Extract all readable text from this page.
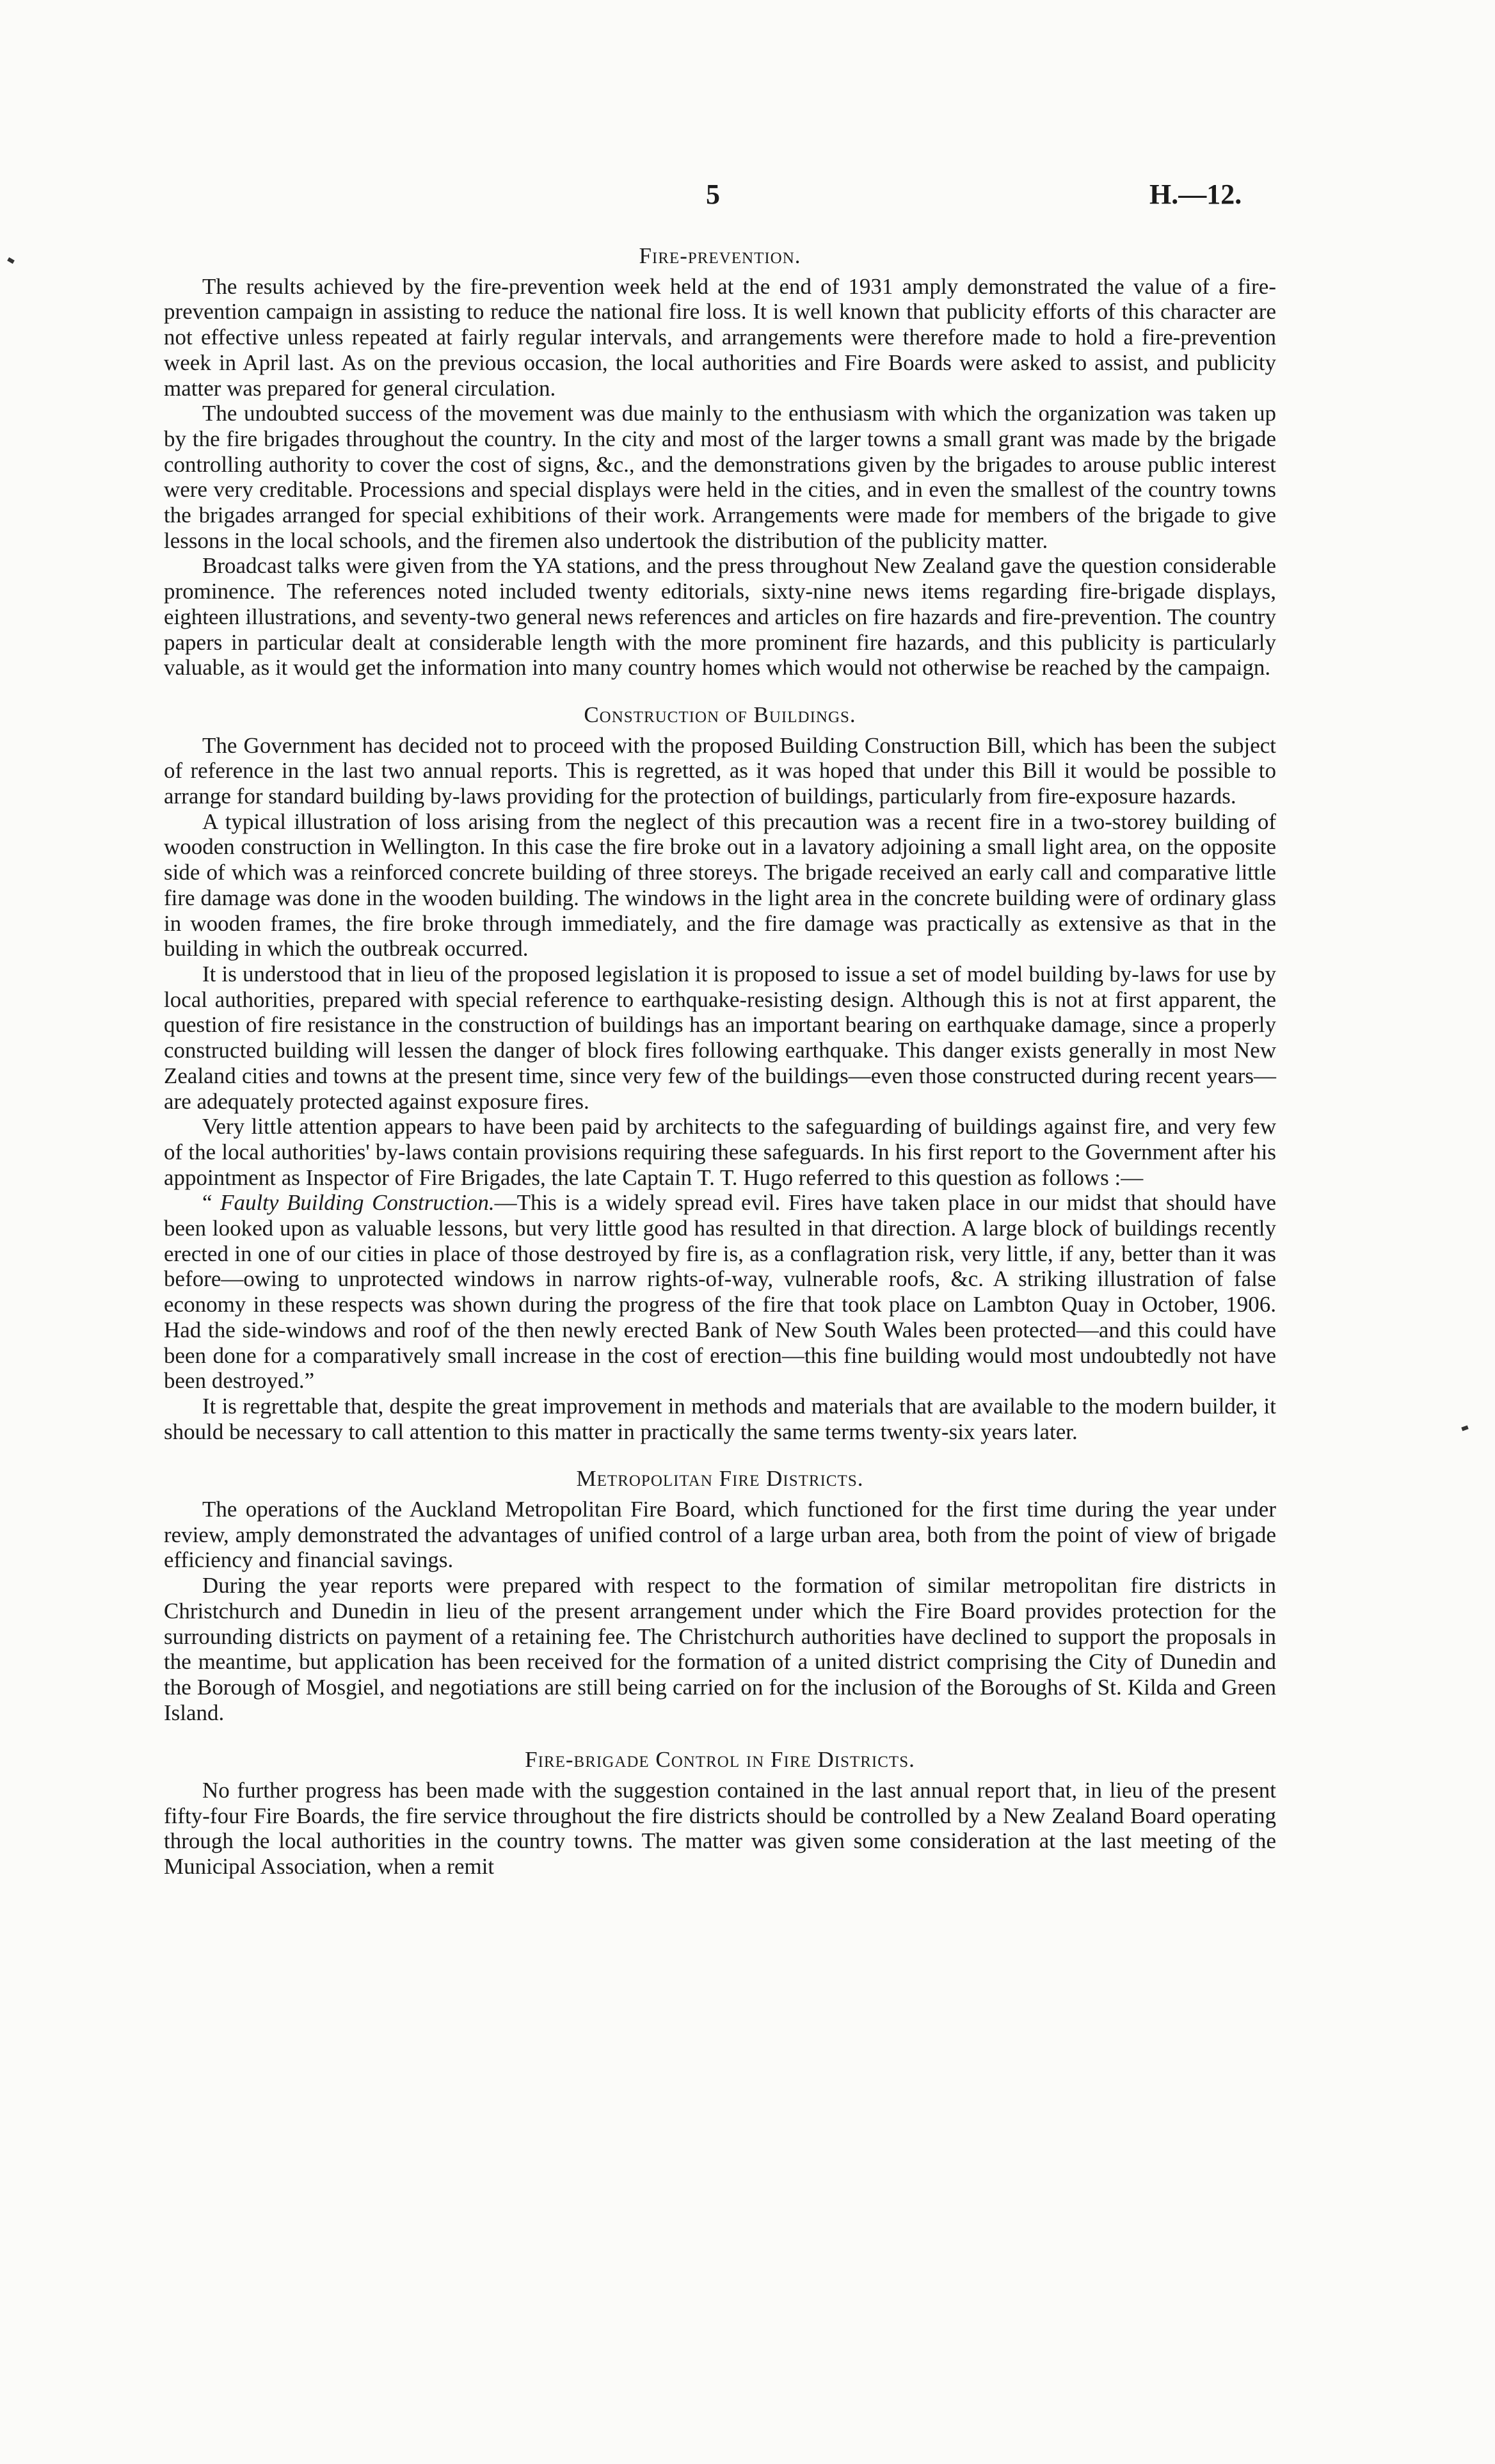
5	H.—12.
Fire-prevention.

The results achieved by the fire-prevention week held at the end of 1931 amply demonstrated the value of a fire-prevention campaign in assisting to reduce the national fire loss. It is well known that publicity efforts of this character are not effective unless repeated at fairly regular intervals, and arrangements were therefore made to hold a fire-prevention week in April last. As on the previous occasion, the local authorities and Fire Boards were asked to assist, and publicity matter was prepared for general circulation.

The undoubted success of the movement was due mainly to the enthusiasm with which the organization was taken up by the fire brigades throughout the country. In the city and most of the larger towns a small grant was made by the brigade controlling authority to cover the cost of signs, &c., and the demonstrations given by the brigades to arouse public interest were very creditable. Processions and special displays were held in the cities, and in even the smallest of the country towns the brigades arranged for special exhibitions of their work. Arrangements were made for members of the brigade to give lessons in the local schools, and the firemen also undertook the distribution of the publicity matter.

Broadcast talks were given from the YA stations, and the press throughout New Zealand gave the question considerable prominence. The references noted included twenty editorials, sixty-nine news items regarding fire-brigade displays, eighteen illustrations, and seventy-two general news references and articles on fire hazards and fire-prevention. The country papers in particular dealt at considerable length with the more prominent fire hazards, and this publicity is particularly valuable, as it would get the information into many country homes which would not otherwise be reached by the campaign.

Construction of Buildings.

The Government has decided not to proceed with the proposed Building Construction Bill, which has been the subject of reference in the last two annual reports. This is regretted, as it was hoped that under this Bill it would be possible to arrange for standard building by-laws providing for the protection of buildings, particularly from fire-exposure hazards.

A typical illustration of loss arising from the neglect of this precaution was a recent fire in a two-storey building of wooden construction in Wellington. In this case the fire broke out in a lavatory adjoining a small light area, on the opposite side of which was a reinforced concrete building of three storeys. The brigade received an early call and comparative little fire damage was done in the wooden building. The windows in the light area in the concrete building were of ordinary glass in wooden frames, the fire broke through immediately, and the fire damage was practically as extensive as that in the building in which the outbreak occurred.

It is understood that in lieu of the proposed legislation it is proposed to issue a set of model building by-laws for use by local authorities, prepared with special reference to earthquake-resisting design. Although this is not at first apparent, the question of fire resistance in the construction of buildings has an important bearing on earthquake damage, since a properly constructed building will lessen the danger of block fires following earthquake. This danger exists generally in most New Zealand cities and towns at the present time, since very few of the buildings—even those constructed during recent years—are adequately protected against exposure fires.

Very little attention appears to have been paid by architects to the safeguarding of buildings against fire, and very few of the local authorities' by-laws contain provisions requiring these safeguards. In his first report to the Government after his appointment as Inspector of Fire Brigades, the late Captain T. T. Hugo referred to this question as follows :—

“ Faulty Building Construction.—This is a widely spread evil. Fires have taken place in our midst that should have been looked upon as valuable lessons, but very little good has resulted in that direction. A large block of buildings recently erected in one of our cities in place of those destroyed by fire is, as a conflagration risk, very little, if any, better than it was before—owing to unprotected windows in narrow rights-of-way, vulnerable roofs, &c. A striking illustration of false economy in these respects was shown during the progress of the fire that took place on Lambton Quay in October, 1906. Had the side-windows and roof of the then newly erected Bank of New South Wales been protected—and this could have been done for a comparatively small increase in the cost of erection—this fine building would most undoubtedly not have been destroyed.”

It is regrettable that, despite the great improvement in methods and materials that are available to the modern builder, it should be necessary to call attention to this matter in practically the same terms twenty-six years later.

Metropolitan Fire Districts.

The operations of the Auckland Metropolitan Fire Board, which functioned for the first time during the year under review, amply demonstrated the advantages of unified control of a large urban area, both from the point of view of brigade efficiency and financial savings.

During the year reports were prepared with respect to the formation of similar metropolitan fire districts in Christchurch and Dunedin in lieu of the present arrangement under which the Fire Board provides protection for the surrounding districts on payment of a retaining fee. The Christchurch authorities have declined to support the proposals in the meantime, but application has been received for the formation of a united district comprising the City of Dunedin and the Borough of Mosgiel, and negotiations are still being carried on for the inclusion of the Boroughs of St. Kilda and Green Island.

Fire-brigade Control in Fire Districts.

No further progress has been made with the suggestion contained in the last annual report that, in lieu of the present fifty-four Fire Boards, the fire service throughout the fire districts should be controlled by a New Zealand Board operating through the local authorities in the country towns. The matter was given some consideration at the last meeting of the Municipal Association, when a remit
